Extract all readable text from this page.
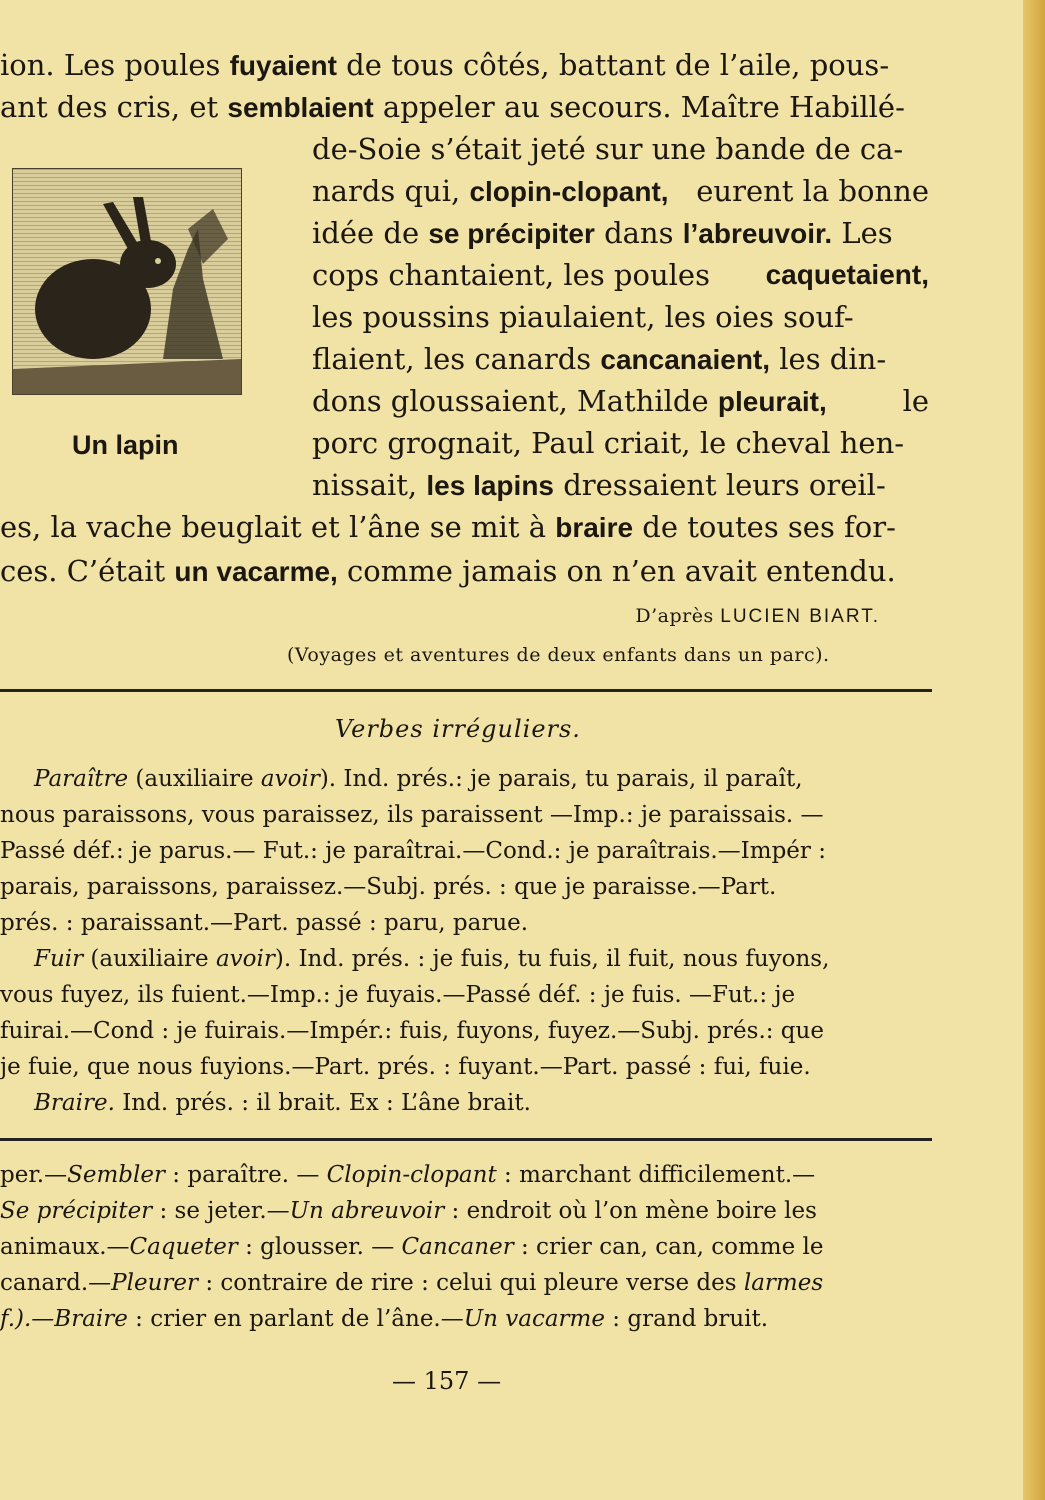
ion. Les poules fuyaient de tous côtés, battant de l’aile, pous-
ant des cris, et semblaient appeler au secours. Maître Habillé-
de-Soie s’était jeté sur une bande de ca-
nards qui, clopin-clopant, eurent la bonne
idée de se précipiter dans l’abreuvoir. Les
cops chantaient, les poules caquetaient,
les poussins piaulaient, les oies souf-
flaient, les canards cancanaient, les din-
dons gloussaient, Mathilde pleurait,	le
porc grognait, Paul criait, le cheval hen-
nissait, les lapins dressaient leurs oreil-
es, la vache beuglait et l’âne se mit à braire de toutes ses for-
ces. C’était un vacarme, comme jamais on n’en avait entendu.
Un lapin
D’après LUCIEN BIART.
(Voyages et aventures de deux enfants dans un parc).
Verbes irréguliers.
Paraître (auxiliaire avoir). Ind. prés.: je parais, tu parais, il paraît,
nous paraissons, vous paraissez, ils paraissent —Imp.: je paraissais. —
Passé déf.: je parus.— Fut.: je paraîtrai.—Cond.: je paraîtrais.—Impér :
parais, paraissons, paraissez.—Subj. prés. : que je paraisse.—Part.
prés. : paraissant.—Part. passé : paru, parue.
Fuir (auxiliaire avoir). Ind. prés. : je fuis, tu fuis, il fuit, nous fuyons,
vous fuyez, ils fuient.—Imp.: je fuyais.—Passé déf. : je fuis. —Fut.: je
fuirai.—Cond : je fuirais.—Impér.: fuis, fuyons, fuyez.—Subj. prés.: que
je fuie, que nous fuyions.—Part. prés. : fuyant.—Part. passé : fui, fuie.
Braire. Ind. prés. : il brait. Ex : L’âne brait.
per.—Sembler : paraître. — Clopin-clopant : marchant difficilement.—
Se précipiter : se jeter.—Un abreuvoir : endroit où l’on mène boire les
animaux.—Caqueter : glousser. — Cancaner : crier can, can, comme le
canard.—Pleurer : contraire de rire : celui qui pleure verse des larmes
f.).—Braire : crier en parlant de l’âne.—Un vacarme : grand bruit.
— 157 —
